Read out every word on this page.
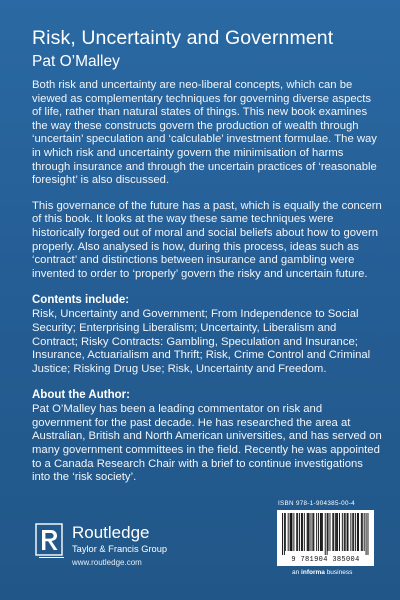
Risk, Uncertainty and Government
Pat O’Malley

Both risk and uncertainty are neo-liberal concepts, which can be viewed as complementary techniques for governing diverse aspects of life, rather than natural states of things. This new book examines the way these constructs govern the production of wealth through ‘uncertain’ speculation and ‘calculable’ investment formulae. The way in which risk and uncertainty govern the minimisation of harms through insurance and through the uncertain practices of ‘reasonable foresight’ is also discussed.

This governance of the future has a past, which is equally the concern of this book. It looks at the way these same techniques were historically forged out of moral and social beliefs about how to govern properly. Also analysed is how, during this process, ideas such as ‘contract’ and distinctions between insurance and gambling were invented to order to ‘properly’ govern the risky and uncertain future.

Contents include:

Risk, Uncertainty and Government; From Independence to Social Security; Enterprising Liberalism; Uncertainty, Liberalism and Contract; Risky Contracts: Gambling, Speculation and Insurance; Insurance, Actuarialism and Thrift; Risk, Crime Control and Criminal Justice; Risking Drug Use; Risk, Uncertainty and Freedom.

About the Author:

Pat O’Malley has been a leading commentator on risk and government for the past decade. He has researched the area at Australian, British and North American universities, and has served on many government committees in the field. Recently he was appointed to a Canada Research Chair with a brief to continue investigations into the ‘risk society’.

Routledge
Taylor & Francis Group
www.routledge.com
ISBN 978-1-904385-00-4
9 781904 385004
an informa business
